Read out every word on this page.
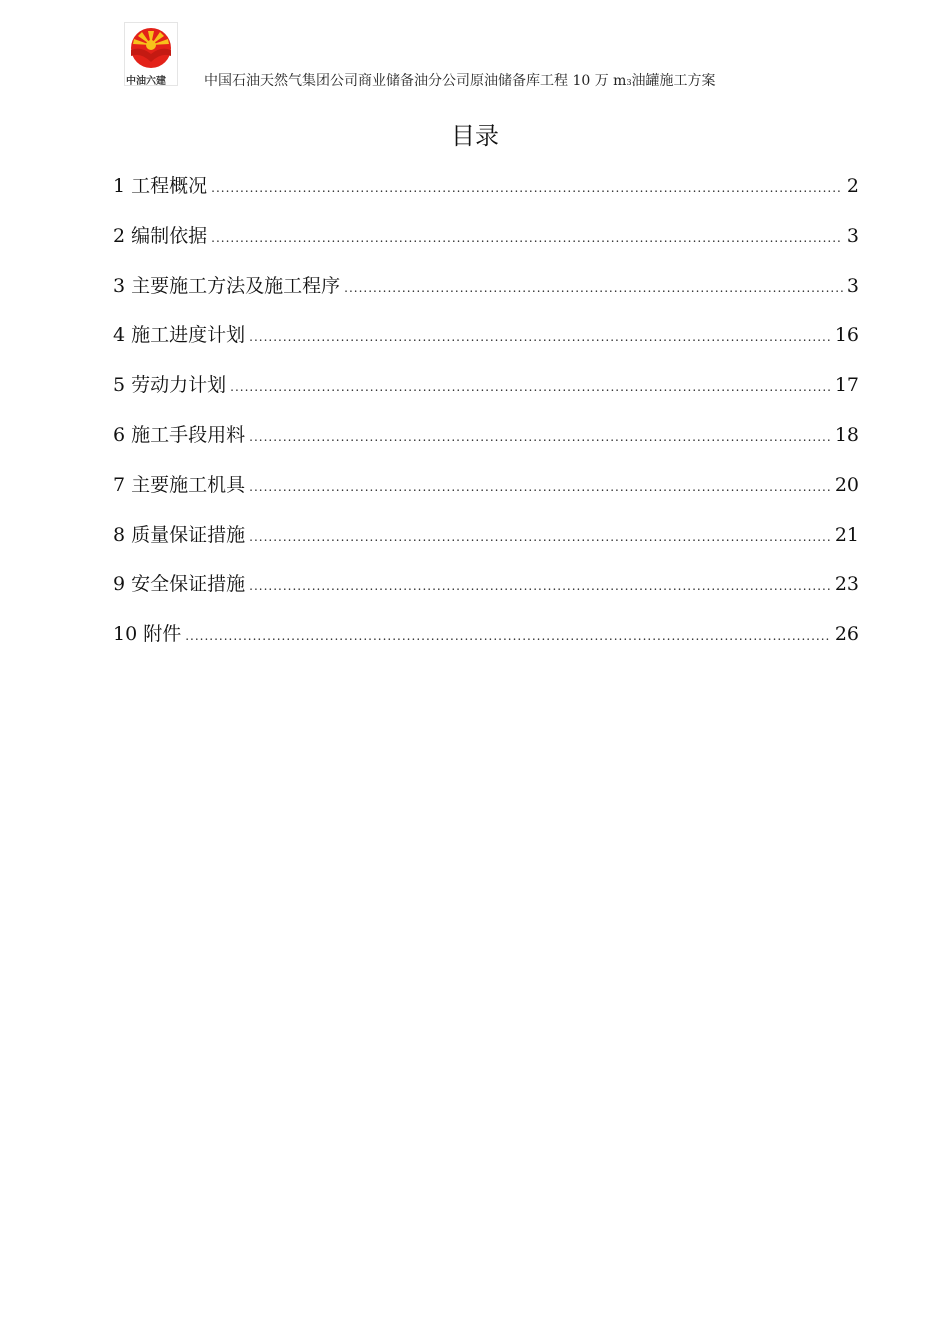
中油六建	中国石油天然气集团公司商业储备油分公司原油储备库工程 10 万 m3油罐施工方案
目录
1 工程概况 .....	2
2 编制依据 .....	3
3 主要施工方法及施工程序 .....	3
4 施工进度计划 .....	16
5 劳动力计划 .....	17
6 施工手段用料 .....	18
7 主要施工机具 .....	20
8 质量保证措施 .....	21
9 安全保证措施 .....	23
10 附件 .....	26
